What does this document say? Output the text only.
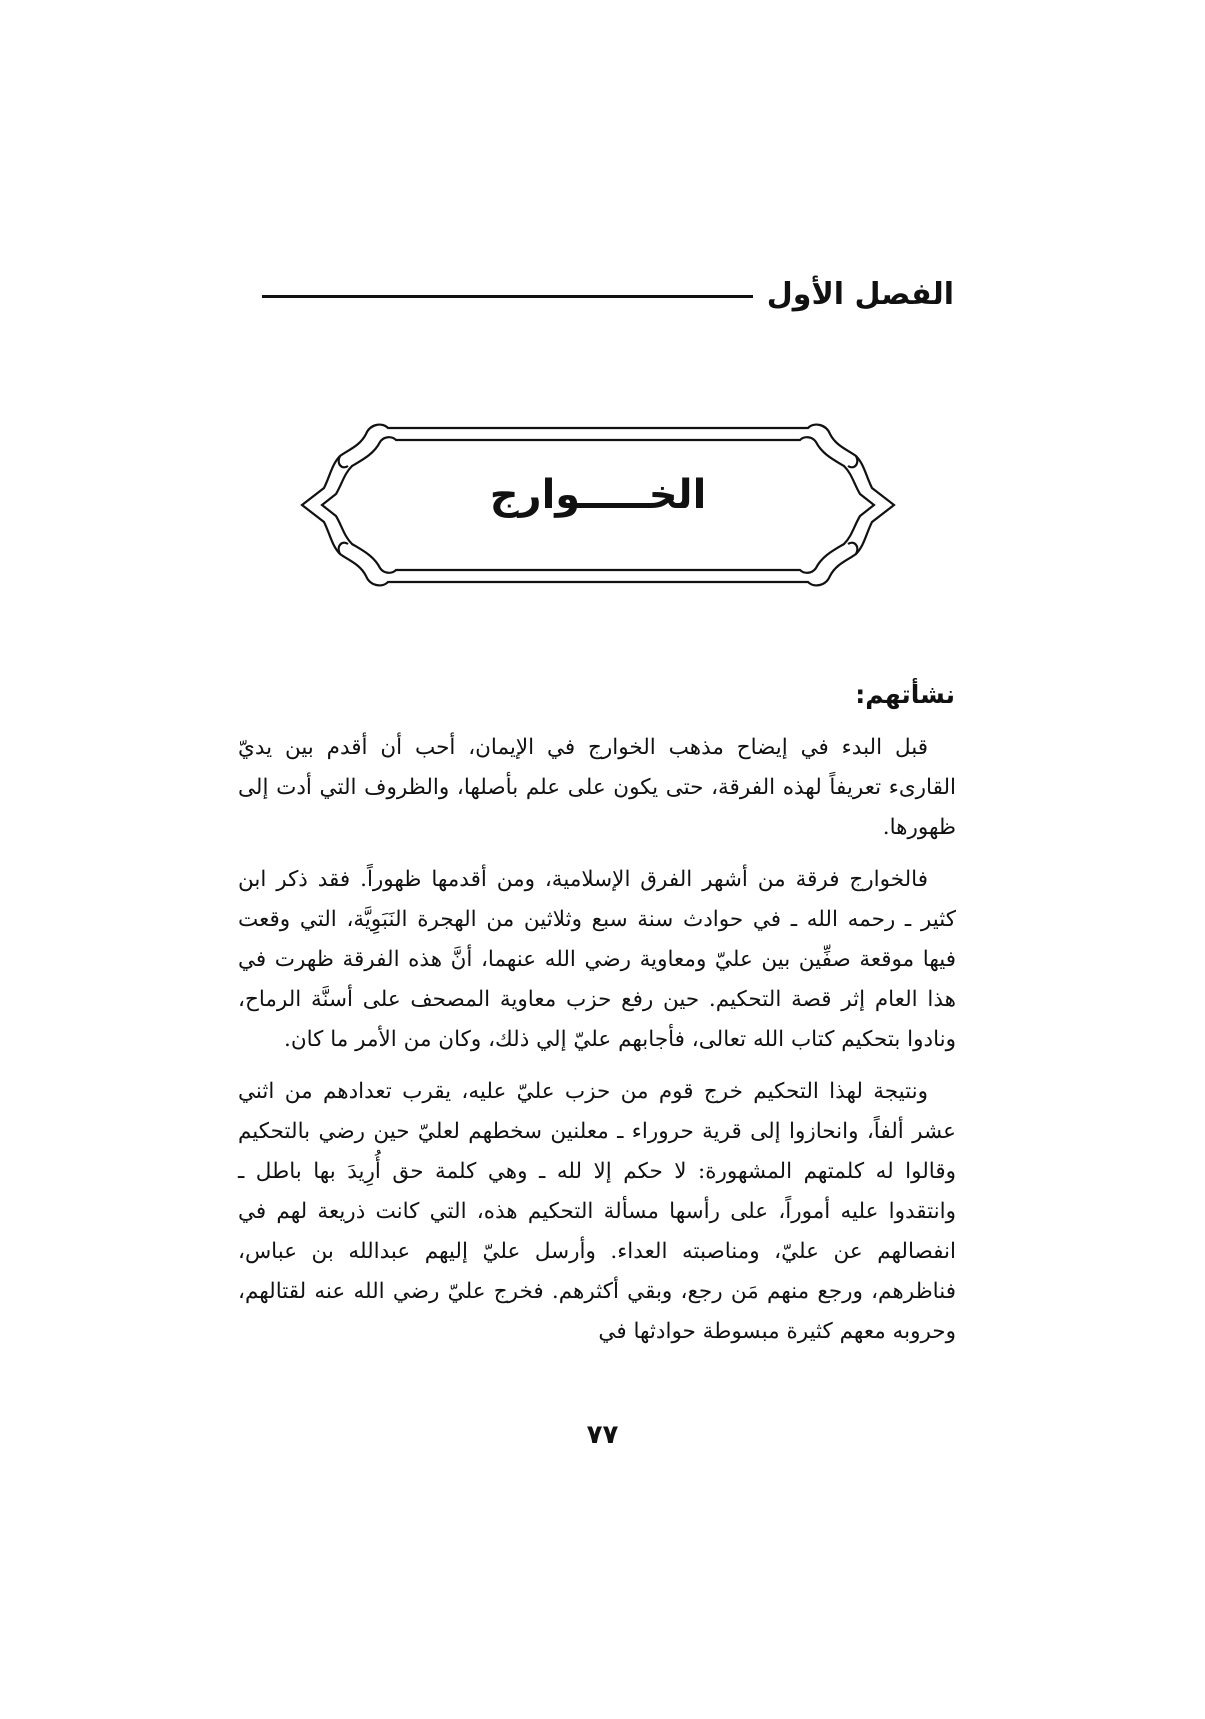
الفصل الأول
الخـــــوارج
نشأتهم:

قبل البدء في إيضاح مذهب الخوارج في الإيمان، أحب أن أقدم بين يديّ القارىء تعريفاً لهذه الفرقة، حتى يكون على علم بأصلها، والظروف التي أدت إلى ظهورها.

فالخوارج فرقة من أشهر الفرق الإسلامية، ومن أقدمها ظهوراً. فقد ذكر ابن كثير ـ رحمه الله ـ في حوادث سنة سبع وثلاثين من الهجرة النَبَوِيَّة، التي وقعت فيها موقعة صفِّين بين عليّ ومعاوية رضي الله عنهما، أنَّ هذه الفرقة ظهرت في هذا العام إثر قصة التحكيم. حين رفع حزب معاوية المصحف على أسنَّة الرماح، ونادوا بتحكيم كتاب الله تعالى، فأجابهم عليّ إلي ذلك، وكان من الأمر ما كان.

ونتيجة لهذا التحكيم خرج قوم من حزب عليّ عليه، يقرب تعدادهم من اثني عشر ألفاً، وانحازوا إلى قرية حروراء ـ معلنين سخطهم لعليّ حين رضي بالتحكيم وقالوا له كلمتهم المشهورة: لا حكم إلا لله ـ وهي كلمة حق أُرِيدَ بها باطل ـ وانتقدوا عليه أموراً، على رأسها مسألة التحكيم هذه، التي كانت ذريعة لهم في انفصالهم عن عليّ، ومناصبته العداء. وأرسل عليّ إليهم عبدالله بن عباس، فناظرهم، ورجع منهم مَن رجع، وبقي أكثرهم. فخرج عليّ رضي الله عنه لقتالهم، وحروبه معهم كثيرة مبسوطة حوادثها في

٧٧
